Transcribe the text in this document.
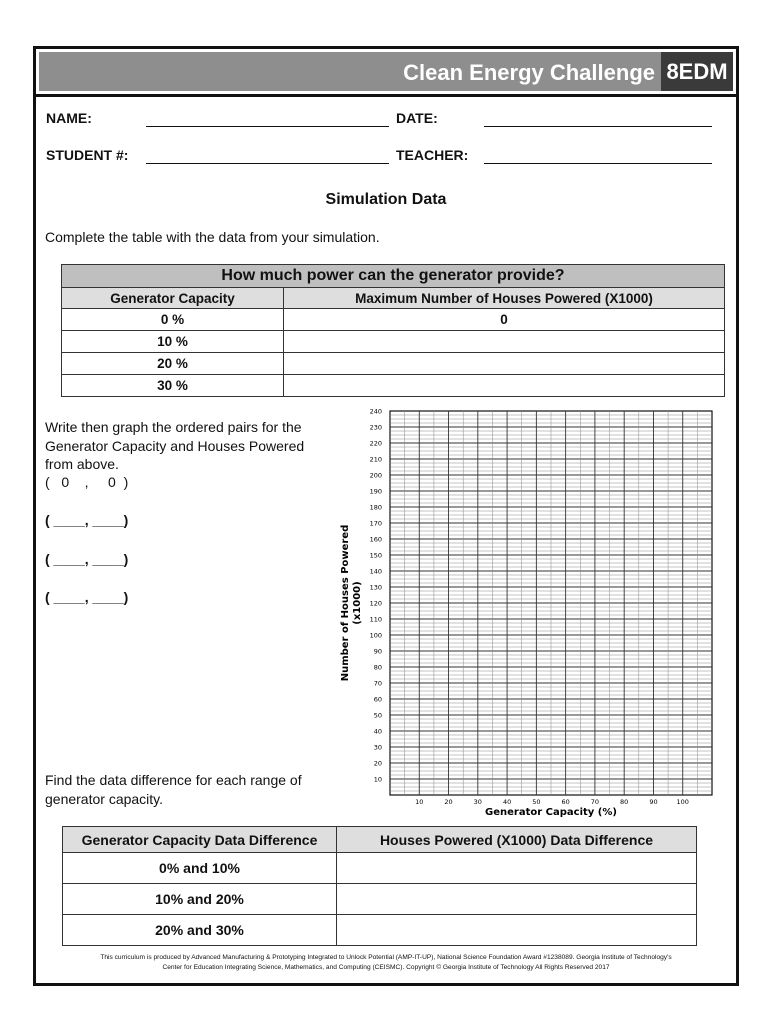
Clean Energy Challenge 8EDM
NAME:	DATE:
STUDENT #:	TEACHER:
Simulation Data
Complete the table with the data from your simulation.
How much power can the generator provide?	
Generator Capacity	Maximum Number of Houses Powered (X1000)
0 %	0
10 %	
20 %	
30 %	
Write then graph the ordered pairs for the Generator Capacity and Houses Powered from above.
(   0    ,     0  )
( ____, ____)
( ____, ____)
( ____, ____)
10
20
30
40
50
60
70
80
90
100
110
120
130
140
150
160
170
180
190
200
210
220
230
240
10	20	30	40	50	60	70	80	90	100
Number of Houses Powered (x1000)
Generator Capacity (%)
Find the data difference for each range of generator capacity.
Generator Capacity Data Difference	Houses Powered (X1000) Data Difference
0% and 10%	
10% and 20%	
20% and 30%	
This curriculum is produced by Advanced Manufacturing & Prototyping Integrated to Unlock Potential (AMP-IT-UP), National Science Foundation Award #1238089. Georgia Institute of Technology's
Center for Education Integrating Science, Mathematics, and Computing (CEISMC). Copyright © Georgia Institute of Technology All Rights Reserved 2017
